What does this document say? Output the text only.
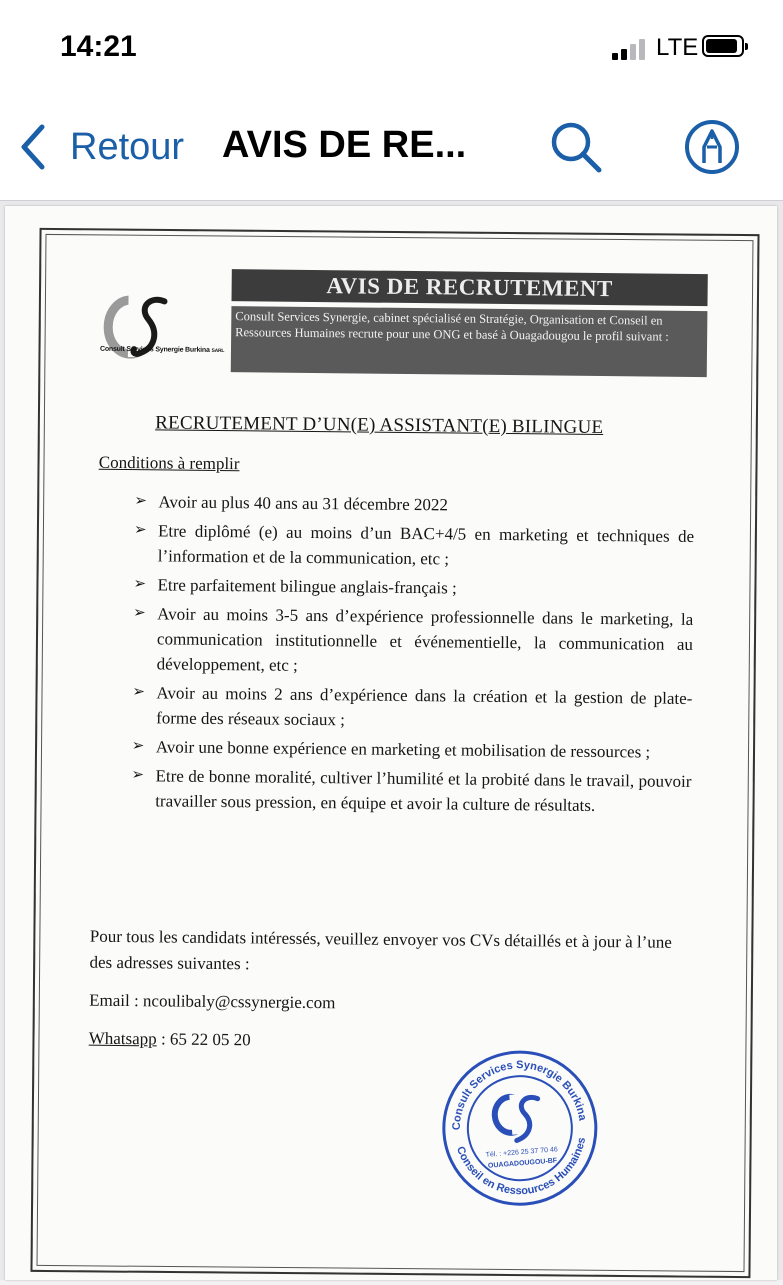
14:21	LTE
Retour AVIS DE RE...
Consult Services Synergie Burkina SARL
AVIS DE RECRUTEMENT
Consult Services Synergie, cabinet spécialisé en Stratégie, Organisation et Conseil en Ressources Humaines recrute pour une ONG et basé à Ouagadougou le profil suivant :
RECRUTEMENT D’UN(E) ASSISTANT(E) BILINGUE
Conditions à remplir
➢ Avoir au plus 40 ans au 31 décembre 2022
➢ Etre diplômé (e) au moins d’un BAC+4/5 en marketing et techniques de l’information et de la communication, etc ;
➢ Etre parfaitement bilingue anglais-français ;
➢ Avoir au moins 3-5 ans d’expérience professionnelle dans le marketing, la communication institutionnelle et événementielle, la communication au développement, etc ;
➢ Avoir au moins 2 ans d’expérience dans la création et la gestion de plate-forme des réseaux sociaux ;
➢ Avoir une bonne expérience en marketing et mobilisation de ressources ;
➢ Etre de bonne moralité, cultiver l’humilité et la probité dans le travail, pouvoir travailler sous pression, en équipe et avoir la culture de résultats.
Pour tous les candidats intéressés, veuillez envoyer vos CVs détaillés et à jour à l’une des adresses suivantes :
Email : ncoulibaly@cssynergie.com
Whatsapp : 65 22 05 20
Consult Services Synergie Burkina
Conseil en Ressources Humaines
Tél. : +226 25 37 70 46
OUAGADOUGOU-BF
